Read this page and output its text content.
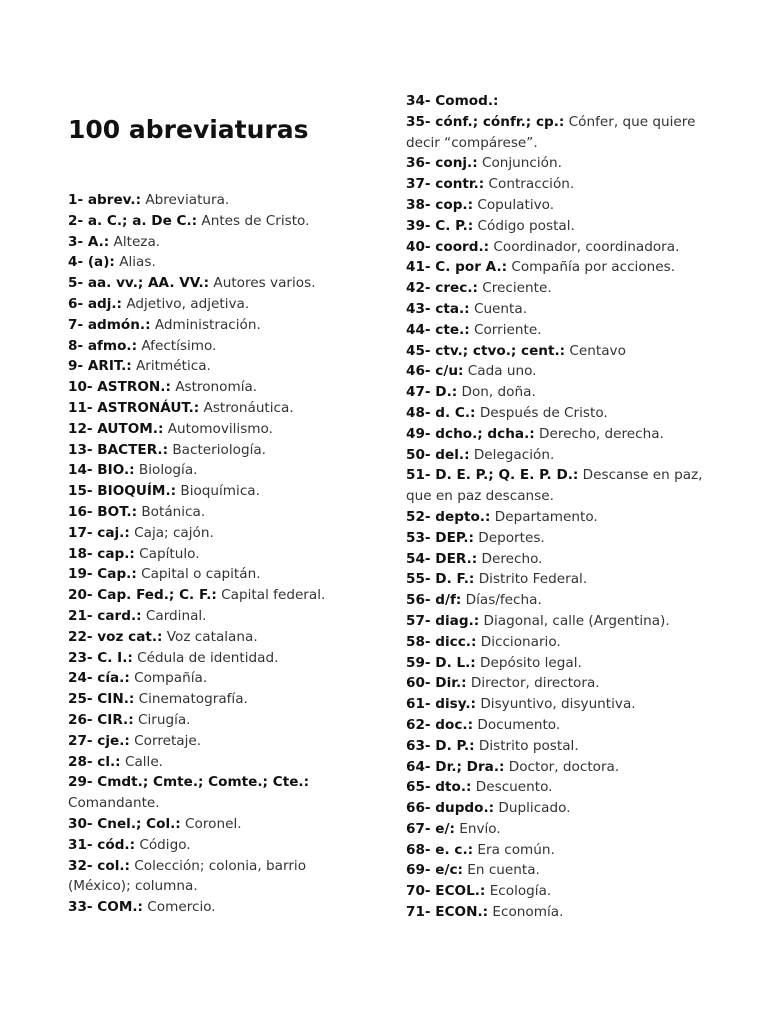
100 abreviaturas
1- abrev.: Abreviatura.
2- a. C.; a. De C.: Antes de Cristo.
3- A.: Alteza.
4- (a): Alias.
5- aa. vv.; AA. VV.: Autores varios.
6- adj.: Adjetivo, adjetiva.
7- admón.: Administración.
8- afmo.: Afectísimo.
9- ARIT.: Aritmética.
10- ASTRON.: Astronomía.
11- ASTRONÁUT.: Astronáutica.
12- AUTOM.: Automovilismo.
13- BACTER.: Bacteriología.
14- BIO.: Biología.
15- BIOQUÍM.: Bioquímica.
16- BOT.: Botánica.
17- caj.: Caja; cajón.
18- cap.: Capítulo.
19- Cap.: Capital o capitán.
20- Cap. Fed.; C. F.: Capital federal.
21- card.: Cardinal.
22- voz cat.: Voz catalana.
23- C. I.: Cédula de identidad.
24- cía.: Compañía.
25- CIN.: Cinematografía.
26- CIR.: Cirugía.
27- cje.: Corretaje.
28- cl.: Calle.
29- Cmdt.; Cmte.; Comte.; Cte.: Comandante.
30- Cnel.; Col.: Coronel.
31- cód.: Código.
32- col.: Colección; colonia, barrio (México); columna.
33- COM.: Comercio.
34- Comod.:
35- cónf.; cónfr.; cp.: Cónfer, que quiere decir “compárese”.
36- conj.: Conjunción.
37- contr.: Contracción.
38- cop.: Copulativo.
39- C. P.: Código postal.
40- coord.: Coordinador, coordinadora.
41- C. por A.: Compañía por acciones.
42- crec.: Creciente.
43- cta.: Cuenta.
44- cte.: Corriente.
45- ctv.; ctvo.; cent.: Centavo
46- c/u: Cada uno.
47- D.: Don, doña.
48- d. C.: Después de Cristo.
49- dcho.; dcha.: Derecho, derecha.
50- del.: Delegación.
51- D. E. P.; Q. E. P. D.: Descanse en paz, que en paz descanse.
52- depto.: Departamento.
53- DEP.: Deportes.
54- DER.: Derecho.
55- D. F.: Distrito Federal.
56- d/f: Días/fecha.
57- diag.: Diagonal, calle (Argentina).
58- dicc.: Diccionario.
59- D. L.: Depósito legal.
60- Dir.: Director, directora.
61- disy.: Disyuntivo, disyuntiva.
62- doc.: Documento.
63- D. P.: Distrito postal.
64- Dr.; Dra.: Doctor, doctora.
65- dto.: Descuento.
66- dupdo.: Duplicado.
67- e/: Envío.
68- e. c.: Era común.
69- e/c: En cuenta.
70- ECOL.: Ecología.
71- ECON.: Economía.
